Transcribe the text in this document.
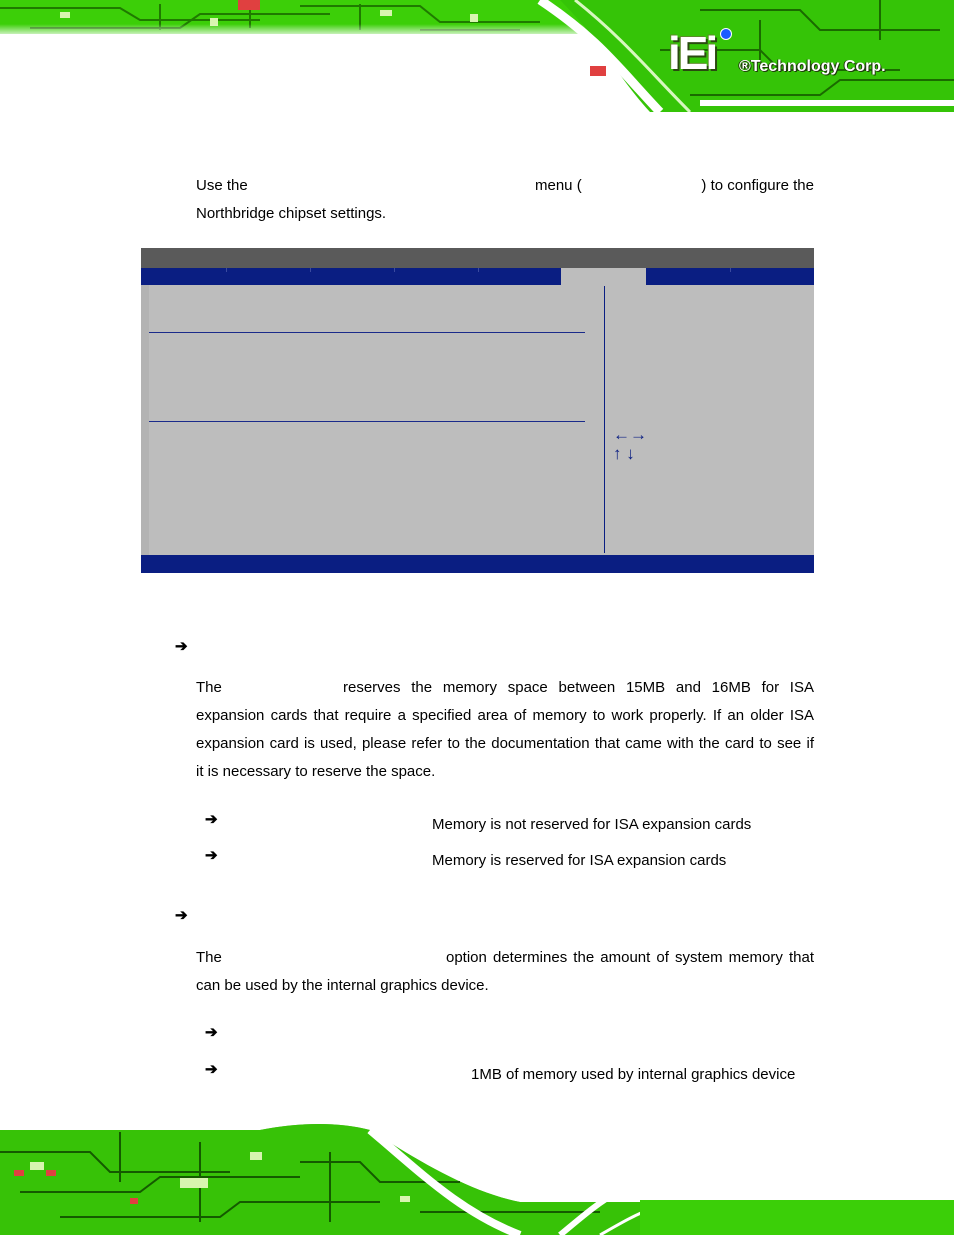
iEi ®Technology Corp.
Use the	menu (	) to configure the
Northbridge chipset settings.
←→
↑ ↓
➔
The	reserves the memory space between 15MB and 16MB for ISA
expansion cards that require a specified area of memory to work properly. If an older ISA
expansion card is used, please refer to the documentation that came with the card to see if
it is necessary to reserve the space.
➔	Memory is not reserved for ISA expansion cards
➔	Memory is reserved for ISA expansion cards
➔
The	option determines the amount of system memory that
can be used by the internal graphics device.
➔
➔	1MB of memory used by internal graphics device
